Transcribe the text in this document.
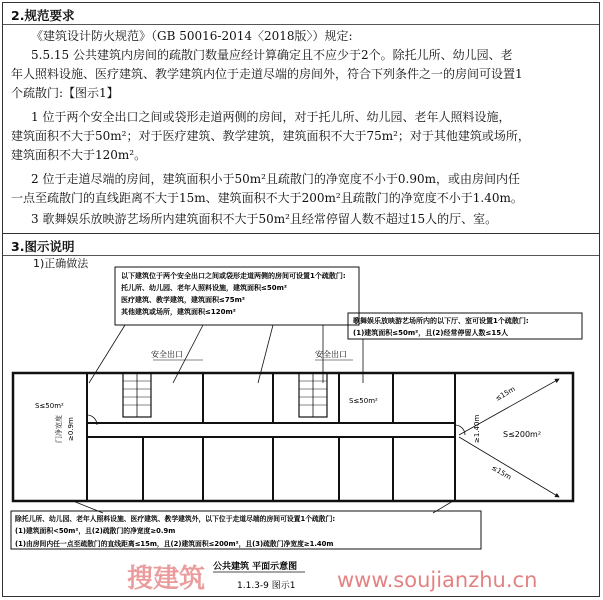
2.规范要求
《建筑设计防火规范》（GB 50016-2014〈2018版〉）规定:
5.5.15 公共建筑内房间的疏散门数量应经计算确定且不应少于2个。除托儿所、幼儿园、老
年人照料设施、医疗建筑、教学建筑内位于走道尽端的房间外，符合下列条件之一的房间可设置1
个疏散门:【图示1】
1 位于两个安全出口之间或袋形走道两侧的房间，对于托儿所、幼儿园、老年人照料设施，
建筑面积不大于50m²；对于医疗建筑、教学建筑，建筑面积不大于75m²；对于其他建筑或场所，
建筑面积不大于120m²。
2 位于走道尽端的房间，建筑面积小于50m²且疏散门的净宽度不小于0.90m，或由房间内任
一点至疏散门的直线距离不大于15m、建筑面积不大于200m²且疏散门的净宽度不小于1.40m。
3 歌舞娱乐放映游艺场所内建筑面积不大于50m²且经常停留人数不超过15人的厅、室。
3.图示说明
1)正确做法
以下建筑位于两个安全出口之间或袋形走道两侧的房间可设置1个疏散门:
托儿所、幼儿园、老年人照料设施，建筑面积≤50m²
医疗建筑、教学建筑，建筑面积≤75m²
其他建筑或场所，建筑面积≤120m²
歌舞娱乐放映游艺场所内的以下厅、室可设置1个疏散门:
(1)建筑面积≤50m²，且(2)经常停留人数≤15人
安全出口	安全出口
S≤50m²
门净宽度 ≥0.9m
S≤50m²	≤15m
≤15m
S≤200m²
≥1.40m
除托儿所、幼儿园、老年人照料设施、医疗建筑、教学建筑外，以下位于走道尽端的房间可设置1个疏散门:
(1)建筑面积<50m²，且(2)疏散门的净宽度≥0.9m
(1)由房间内任一点至疏散门的直线距离≤15m，且(2)建筑面积≤200m²，且(3)疏散门净宽度≥1.40m
公共建筑 平面示意图
1.1.3-9 图示1
搜建筑	www.soujianzhu.cn
